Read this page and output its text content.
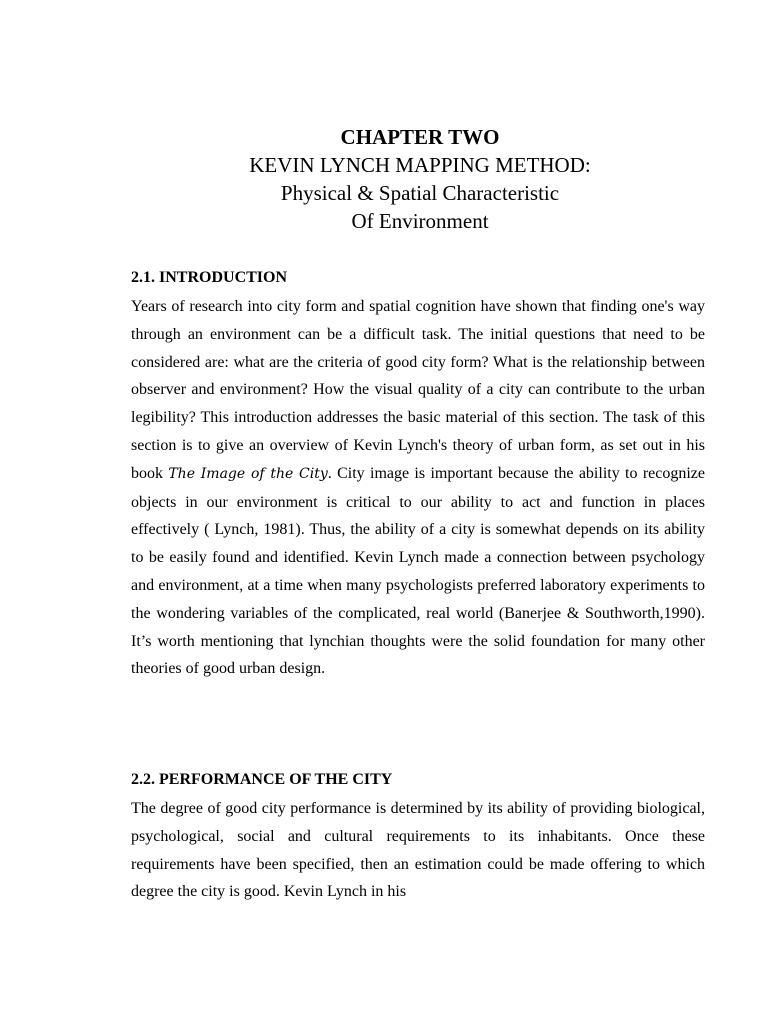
CHAPTER TWO
KEVIN LYNCH MAPPING METHOD:
Physical & Spatial Characteristic
Of Environment
2.1. INTRODUCTION

Years of research into city form and spatial cognition have shown that finding one's way through an environment can be a difficult task. The initial questions that need to be considered are: what are the criteria of good city form? What is the relationship between observer and environment? How the visual quality of a city can contribute to the urban legibility? This introduction addresses the basic material of this section. The task of this section is to give an overview of Kevin Lynch's theory of urban form, as set out in his book The Image of the City. City image is important because the ability to recognize objects in our environment is critical to our ability to act and function in places effectively ( Lynch, 1981). Thus, the ability of a city is somewhat depends on its ability to be easily found and identified. Kevin Lynch made a connection between psychology and environment, at a time when many psychologists preferred laboratory experiments to the wondering variables of the complicated, real world (Banerjee & Southworth,1990). It’s worth mentioning that lynchian thoughts were the solid foundation for many other theories of good urban design.

2.2. PERFORMANCE OF THE CITY

The degree of good city performance is determined by its ability of providing biological, psychological, social and cultural requirements to its inhabitants. Once these requirements have been specified, then an estimation could be made offering to which degree the city is good. Kevin Lynch in his
